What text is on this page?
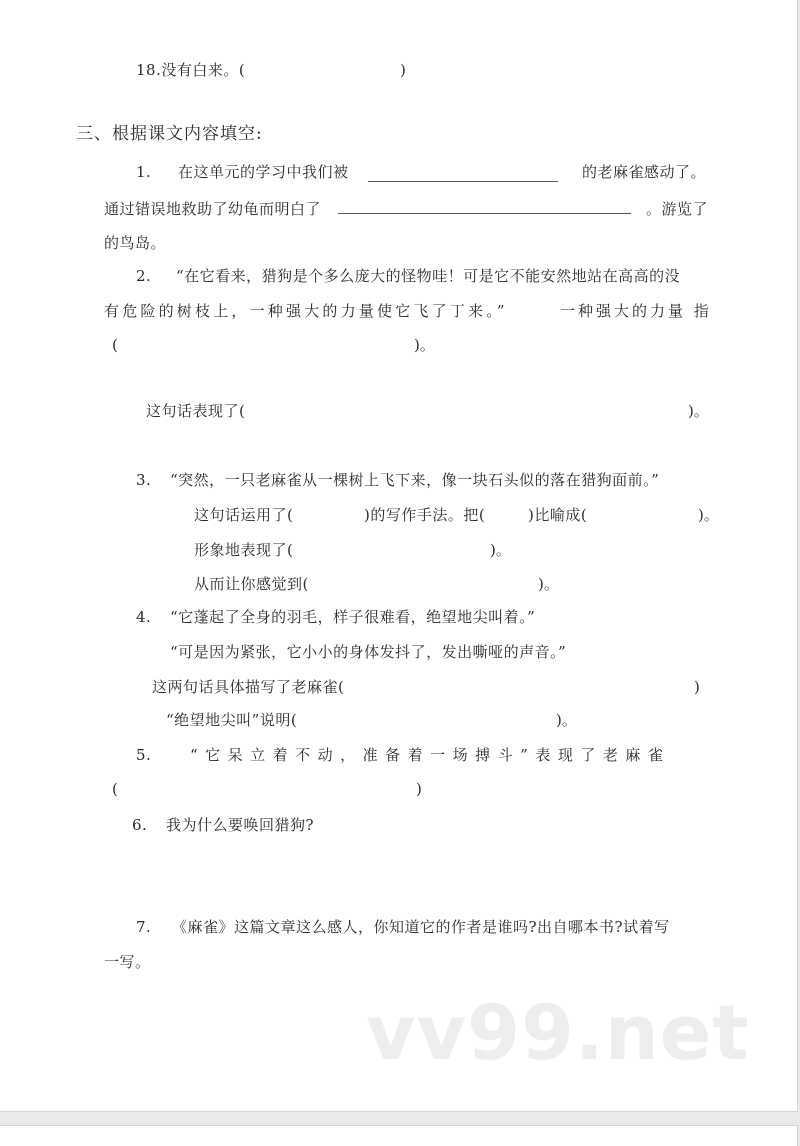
18.没有白来。(	)
三、根据课文内容填空:
1. 在这单元的学习中我们被	的老麻雀感动了。
通过错误地救助了幼龟而明白了	。游览了
的鸟岛。
2. “在它看来，猎狗是个多么庞大的怪物哇！可是它不能安然地站在高高的没
有危险的树枝上，一种强大的力量使它飞了丁来。”	一种强大的力量 指
(	)。
这句话表现了(	)。
3. “突然，一只老麻雀从一棵树上飞下来，像一块石头似的落在猎狗面前。”
这句话运用了(	)的写作手法。把(	)比喻成(	)。
形象地表现了(	)。
从而让你感觉到(	)。
4. “它蓬起了全身的羽毛，样子很难看，绝望地尖叫着。”
“可是因为紧张，它小小的身体发抖了，发出嘶哑的声音。”
这两句话具体描写了老麻雀(	)
“绝望地尖叫”说明(	)。
5.	“它呆立着不动，准备着一场搏斗”表现了老麻雀
(	)
6. 我为什么要唤回猎狗?
7. 《麻雀》这篇文章这么感人，你知道它的作者是谁吗?出自哪本书?试着写
一写。
vv99.net
